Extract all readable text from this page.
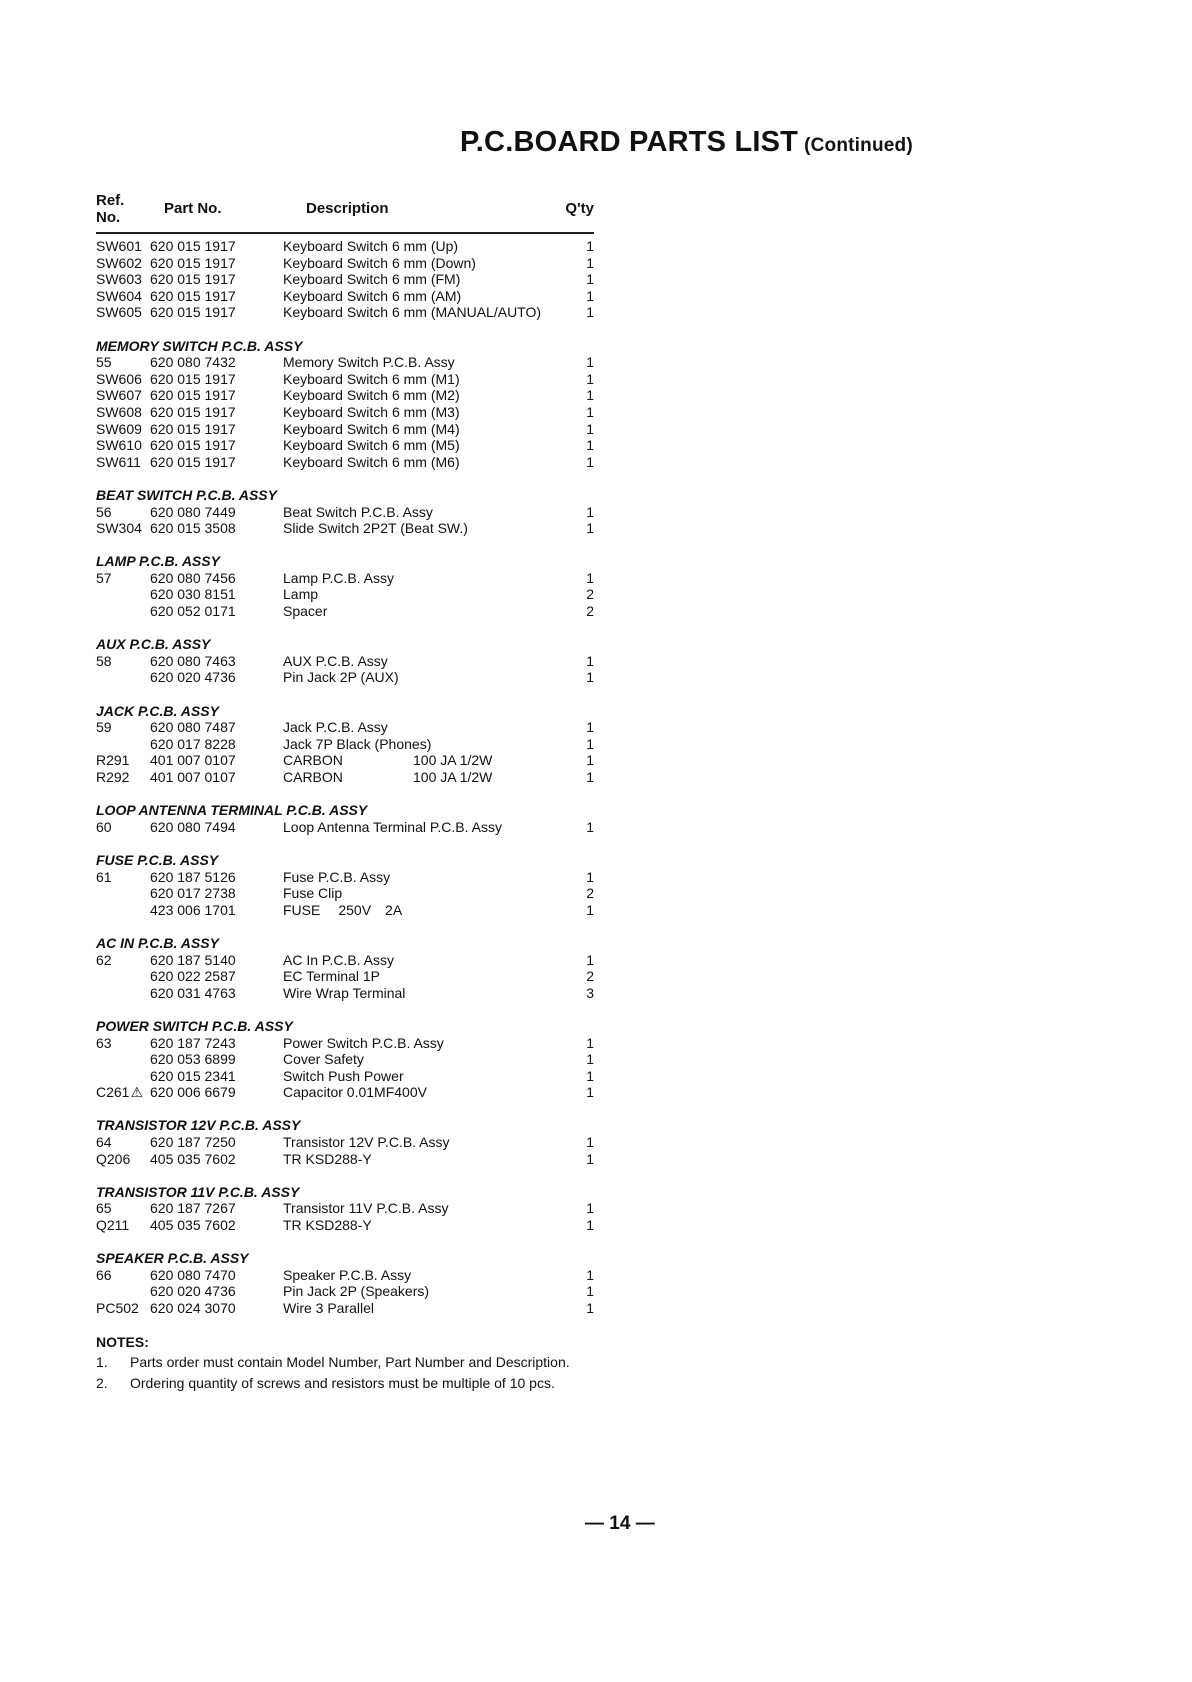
P.C.BOARD PARTS LIST (Continued)
Ref. No.
Part No.	Description	Q'ty
SW601 620 015 1917	Keyboard Switch 6 mm (Up)	1
SW602 620 015 1917	Keyboard Switch 6 mm (Down)	1
SW603 620 015 1917	Keyboard Switch 6 mm (FM)	1
SW604 620 015 1917	Keyboard Switch 6 mm (AM)	1
SW605 620 015 1917	Keyboard Switch 6 mm (MANUAL/AUTO)	1
MEMORY SWITCH P.C.B. ASSY
55	620 080 7432	Memory Switch P.C.B. Assy	1
SW606 620 015 1917	Keyboard Switch 6 mm (M1)	1
SW607 620 015 1917	Keyboard Switch 6 mm (M2)	1
SW608 620 015 1917	Keyboard Switch 6 mm (M3)	1
SW609 620 015 1917	Keyboard Switch 6 mm (M4)	1
SW610 620 015 1917	Keyboard Switch 6 mm (M5)	1
SW611 620 015 1917	Keyboard Switch 6 mm (M6)	1
BEAT SWITCH P.C.B. ASSY
56	620 080 7449	Beat Switch P.C.B. Assy	1
SW304 620 015 3508	Slide Switch 2P2T (Beat SW.)	1
LAMP P.C.B. ASSY
57	620 080 7456	Lamp P.C.B. Assy	1
620 030 8151	Lamp	2
620 052 0171	Spacer	2
AUX P.C.B. ASSY
58	620 080 7463	AUX P.C.B. Assy	1
620 020 4736	Pin Jack 2P (AUX)	1
JACK P.C.B. ASSY
59	620 080 7487	Jack P.C.B. Assy	1
620 017 8228	Jack 7P Black (Phones)	1
R291	401 007 0107	CARBON	100 JA 1/2W	1
R292	401 007 0107	CARBON	100 JA 1/2W	1
LOOP ANTENNA TERMINAL P.C.B. ASSY
60	620 080 7494	Loop Antenna Terminal P.C.B. Assy	1
FUSE P.C.B. ASSY
61	620 187 5126	Fuse P.C.B. Assy	1
620 017 2738	Fuse Clip	2
423 006 1701	FUSE 250V 2A	1
AC IN P.C.B. ASSY
62	620 187 5140	AC In P.C.B. Assy	1
620 022 2587	EC Terminal 1P	2
620 031 4763	Wire Wrap Terminal	3
POWER SWITCH P.C.B. ASSY
63	620 187 7243	Power Switch P.C.B. Assy	1
620 053 6899	Cover Safety	1
620 015 2341	Switch Push Power	1
C261⚠ 620 006 6679	Capacitor 0.01MF400V	1
TRANSISTOR 12V P.C.B. ASSY
64	620 187 7250	Transistor 12V P.C.B. Assy	1
Q206	405 035 7602	TR KSD288-Y	1
TRANSISTOR 11V P.C.B. ASSY
65	620 187 7267	Transistor 11V P.C.B. Assy	1
Q211	405 035 7602	TR KSD288-Y	1
SPEAKER P.C.B. ASSY
66	620 080 7470	Speaker P.C.B. Assy	1
620 020 4736	Pin Jack 2P (Speakers)	1
PC502 620 024 3070	Wire 3 Parallel	1
NOTES:
1.	Parts order must contain Model Number, Part Number and Description.
2.	Ordering quantity of screws and resistors must be multiple of 10 pcs.
— 14 —
